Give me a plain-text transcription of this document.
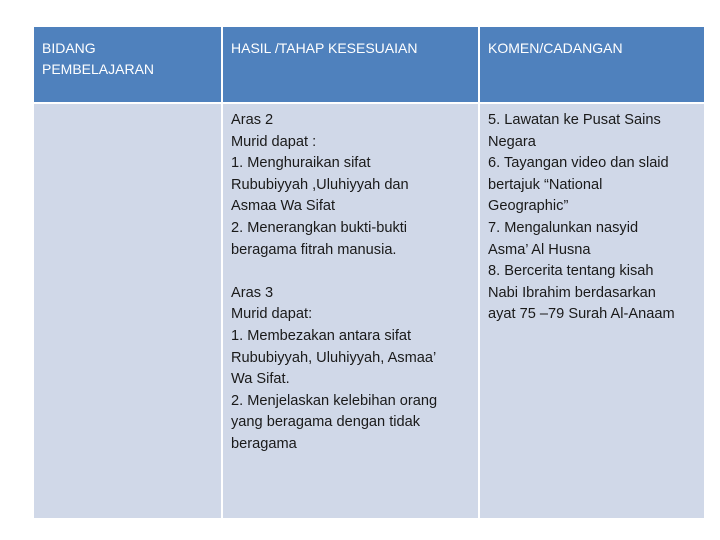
BIDANG
PEMBELAJARAN
HASIL /TAHAP KESESUAIAN	KOMEN/CADANGAN
Aras 2
Murid dapat :
1. Menghuraikan sifat
Rububiyyah ,Uluhiyyah dan
Asmaa Wa Sifat
2. Menerangkan bukti-bukti
beragama fitrah manusia.
Aras 3
Murid dapat:
1. Membezakan antara sifat
Rububiyyah, Uluhiyyah, Asmaa’
Wa Sifat.
2. Menjelaskan kelebihan orang
yang beragama dengan tidak
beragama
5. Lawatan ke Pusat Sains
Negara
6. Tayangan video dan slaid
bertajuk “National
Geographic”
7. Mengalunkan nasyid
Asma’ Al Husna
8. Bercerita tentang kisah
Nabi Ibrahim berdasarkan
ayat 75 –79 Surah Al-Anaam
